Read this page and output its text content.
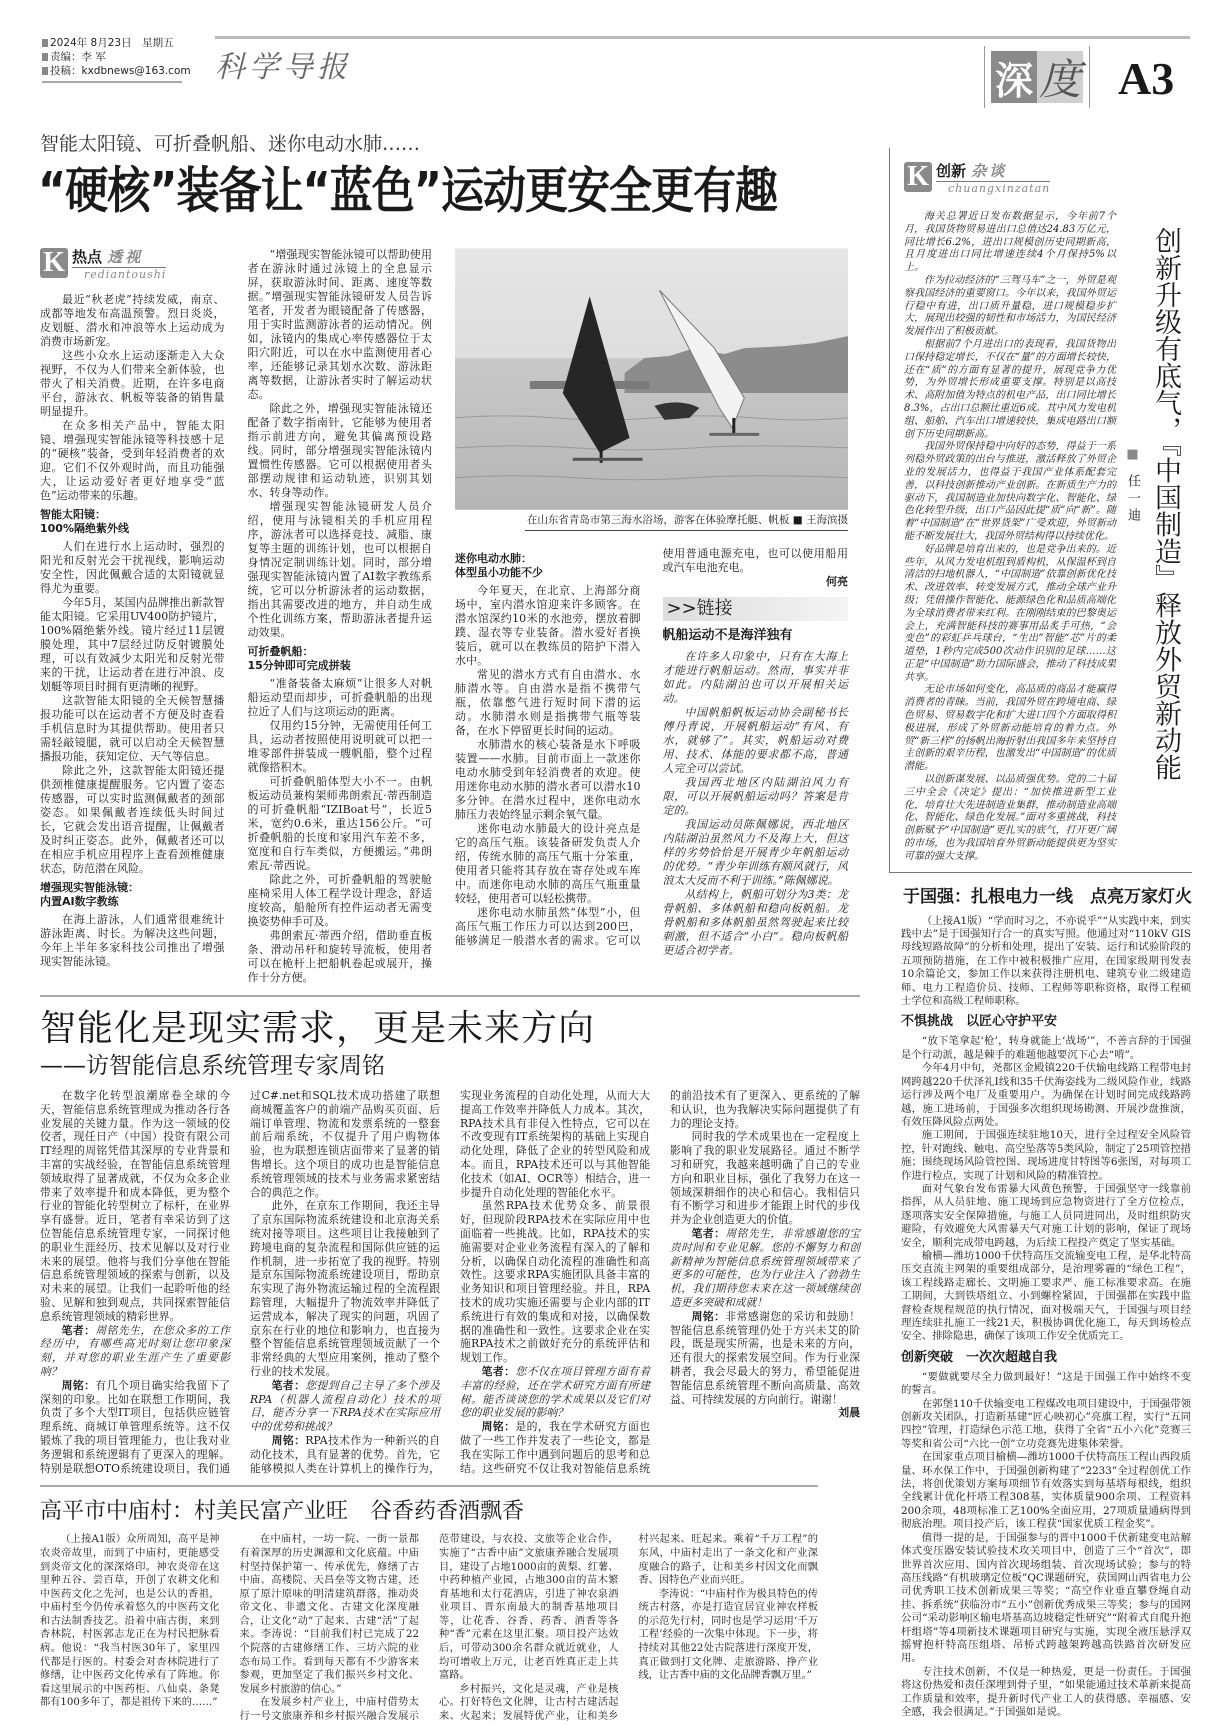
2024年 8月23日　星期五
责编：李 军
投稿：kxdbnews@163.com 科学导报	深 度 A3
智能太阳镜、可折叠帆船、迷你电动水肺……
“硬核”装备让“蓝色”运动更安全更有趣
K 热点 透视
rediantoushi

最近“秋老虎”持续发威，南京、成都等地发布高温预警。烈日炎炎，皮划艇、潜水和冲浪等水上运动成为消费市场新宠。

这些小众水上运动逐渐走入大众视野，不仅为人们带来全新体验，也带火了相关消费。近期，在许多电商平台，游泳衣、帆板等装备的销售量明显提升。

在众多相关产品中，智能太阳镜、增强现实智能泳镜等科技感十足的“硬核”装备，受到年轻消费者的欢迎。它们不仅外观时尚，而且功能强大，让运动爱好者更好地享受“蓝色”运动带来的乐趣。

智能太阳镜：
100%隔绝紫外线

人们在进行水上运动时，强烈的阳光和反射光会干扰视线，影响运动安全性，因此佩戴合适的太阳镜就显得尤为重要。

今年5月，某国内品牌推出新款智能太阳镜。它采用UV400防护镜片，100%隔绝紫外线。镜片经过11层镀膜处理，其中7层经过防反射镀膜处理，可以有效减少太阳光和反射光带来的干扰，让运动者在进行冲浪、皮划艇等项目时拥有更清晰的视野。

这款智能太阳镜的全天候智慧播报功能可以在运动者不方便及时查看手机信息时为其提供帮助。使用者只需轻敲镜腿，就可以启动全天候智慧播报功能，获知定位、天气等信息。

除此之外，这款智能太阳镜还提供颈椎健康提醒服务。它内置了姿态传感器，可以实时监测佩戴者的颈部姿态。如果佩戴者连续低头时间过长，它就会发出语音提醒，让佩戴者及时纠正姿态。此外，佩戴者还可以在相应手机应用程序上查看颈椎健康状态，防范潜在风险。

增强现实智能泳镜：
内置AI数字教练

在海上游泳，人们通常很难统计游泳距离、时长。为解决这些问题，今年上半年多家科技公司推出了增强现实智能泳镜。

“增强现实智能泳镜可以帮助使用者在游泳时通过泳镜上的全息显示屏，获取游泳时间、距离、速度等数据。”增强现实智能泳镜研发人员告诉笔者，开发者为眼镜配备了传感器，用于实时监测游泳者的运动情况。例如，泳镜内的集成心率传感器位于太阳穴附近，可以在水中监测使用者心率，还能够记录其划水次数、游泳距离等数据，让游泳者实时了解运动状态。

除此之外，增强现实智能泳镜还配备了数字指南针，它能够为使用者指示前进方向，避免其偏离预设路线。同时，部分增强现实智能泳镜内置惯性传感器。它可以根据使用者头部摆动规律和运动轨迹，识别其划水、转身等动作。

增强现实智能泳镜研发人员介绍，使用与泳镜相关的手机应用程序，游泳者可以选择竞技、减脂、康复等主题的训练计划，也可以根据自身情况定制训练计划。同时，部分增强现实智能泳镜内置了AI数字教练系统，它可以分析游泳者的运动数据，指出其需要改进的地方，并自动生成个性化训练方案，帮助游泳者提升运动效果。

可折叠帆船：
15分钟即可完成拼装

“准备装备太麻烦”让很多人对帆船运动望而却步，可折叠帆船的出现拉近了人们与这项运动的距离。

仅用约15分钟，无需使用任何工具，运动者按照使用说明就可以把一堆零部件拼装成一艘帆船，整个过程就像搭积木。

可折叠帆船体型大小不一。由帆板运动员兼构架师弗朗索瓦·蒂西制造的可折叠帆船“IZIBoat号”，长近5米，宽约0.6米，重达156公斤。“可折叠帆船的长度和家用汽车差不多，宽度和自行车类似，方便搬运。”弗朗索瓦·蒂西说。

除此之外，可折叠帆船的驾驶舱座椅采用人体工程学设计理念，舒适度较高，船舱所有控件运动者无需变换姿势伸手可及。

弗朗索瓦·蒂西介绍，借助垂直板条、滑动吊杆和旋转导流板，使用者可以在桅杆上把船帆卷起或展开，操作十分方便。

在山东省青岛市第三海水浴场，游客在体验摩托艇、帆板 ■ 王海滨摄
迷你电动水肺：
体型虽小功能不少

今年夏天，在北京、上海部分商场中，室内潜水馆迎来许多顾客。在潜水馆深约10米的水池旁，摆放着脚蹼、湿衣等专业装备。潜水爱好者换装后，就可以在教练员的陪护下潜入水中。

常见的潜水方式有自由潜水、水肺潜水等。自由潜水是指不携带气瓶，依靠憋气进行短时间下潜的运动。水肺潜水则是指携带气瓶等装备，在水下停留更长时间的运动。

水肺潜水的核心装备是水下呼吸装置——水肺。目前市面上一款迷你电动水肺受到年轻消费者的欢迎。使用迷你电动水肺的潜水者可以潜水10多分钟。在潜水过程中，迷你电动水肺压力表始终显示剩余氧气量。

迷你电动水肺最大的设计亮点是它的高压气瓶。该装备研发负责人介绍，传统水肺的高压气瓶十分笨重，使用者只能将其存放在寄存处或车库中。而迷你电动水肺的高压气瓶重量较轻，使用者可以轻松携带。

迷你电动水肺虽然“体型”小，但高压气瓶工作压力可以达到200巴，能够满足一般潜水者的需求。它可以使用普通电源充电，也可以使用船用或汽车电池充电。

何亮

>>链接
帆船运动不是海洋独有

在许多人印象中，只有在大海上才能进行帆船运动。然而，事实并非如此。内陆湖泊也可以开展相关运动。

中国帆船帆板运动协会副秘书长傅丹青说，开展帆船运动“有风、有水，就够了”。其实，帆船运动对费用、技术、体能的要求都不高，普通人完全可以尝试。

我国西北地区内陆湖泊风力有限，可以开展帆船运动吗？答案是肯定的。

我国运动员陈佩娜说，西北地区内陆湖泊虽然风力不及海上大，但这样的劣势恰恰是开展青少年帆船运动的优势。“青少年训练有顺风就行，风浪太大反而不利于训练。”陈佩娜说。

从结构上，帆船可划分为3类：龙骨帆船、多体帆船和稳向板帆船。龙骨帆船和多体帆船虽然驾驶起来比较刺激，但不适合“小白”。稳向板帆船更适合初学者。

智能化是现实需求，更是未来方向
——访智能信息系统管理专家周铭

在数字化转型浪潮席卷全球的今天，智能信息系统管理成为推动各行各业发展的关键力量。作为这一领域的佼佼者，现任日产（中国）投资有限公司IT经理的周铭凭借其深厚的专业背景和丰富的实战经验，在智能信息系统管理领域取得了显著成就，不仅为众多企业带来了效率提升和成本降低，更为整个行业的智能化转型树立了标杆，在业界享有盛誉。近日，笔者有幸采访到了这位智能信息系统管理专家，一同探讨他的职业生涯经历、技术见解以及对行业未来的展望。他将与我们分享他在智能信息系统管理领域的探索与创新，以及对未来的展望。让我们一起聆听他的经验、见解和独到观点，共同探索智能信息系统管理领域的精彩世界。

笔者：周铭先生，在您众多的工作经历中，有哪些高光时刻让您印象深刻，并对您的职业生涯产生了重要影响？

周铭：有几个项目确实给我留下了深刻的印象。比如在联想工作期间，我负责了多个大型IT项目，包括供应链管理系统、商城订单管理系统等。这不仅锻炼了我的项目管理能力，也让我对业务逻辑和系统逻辑有了更深入的理解。特别是联想OTO系统建设项目，我们通过C#.net和SQL技术成功搭建了联想商城覆盖客户的前端产品购买页面、后端订单管理、物流和发票系统的一整套前后端系统，不仅提升了用户购物体验，也为联想连锁店面带来了显著的销售增长。这个项目的成功也是智能信息系统管理领域的技术与业务需求紧密结合的典范之作。

此外，在京东工作期间，我还主导了京东国际物流系统建设和北京海关系统对接等项目。这些项目让我接触到了跨境电商的复杂流程和国际供应链的运作机制，进一步拓宽了我的视野。特别是京东国际物流系统建设项目，帮助京东实现了海外物流运输过程的全流程跟踪管理，大幅提升了物流效率并降低了运营成本，解决了现实的问题，巩固了京东在行业的地位和影响力，也直接为整个智能信息系统管理领域贡献了一个非常经典的大型应用案例，推动了整个行业的技术发展。

笔者：您提到自己主导了多个涉及RPA（机器人流程自动化）技术的项目，能否分享一下RPA技术在实际应用中的优势和挑战？

周铭：RPA技术作为一种新兴的自动化技术，具有显著的优势。首先，它能够模拟人类在计算机上的操作行为，实现业务流程的自动化处理，从而大大提高工作效率并降低人力成本。其次，RPA技术具有非侵入性特点，它可以在不改变现有IT系统架构的基础上实现自动化处理，降低了企业的转型风险和成本。而且，RPA技术还可以与其他智能化技术（如AI、OCR等）相结合，进一步提升自动化处理的智能化水平。

虽然RPA技术优势众多、前景很好，但现阶段RPA技术在实际应用中也面临着一些挑战。比如，RPA技术的实施需要对企业业务流程有深入的了解和分析，以确保自动化流程的准确性和高效性。这要求RPA实施团队具备丰富的业务知识和项目管理经验。并且，RPA技术的成功实施还需要与企业内部的IT系统进行有效的集成和对接，以确保数据的准确性和一致性。这要求企业在实施RPA技术之前做好充分的系统评估和规划工作。

笔者：您不仅在项目管理方面有着丰富的经验，还在学术研究方面有所建树。能否谈谈您的学术成果以及它们对您的职业发展的影响？

周铭：是的，我在学术研究方面也做了一些工作并发表了一些论文，都是我在实际工作中遇到问题后的思考和总结。这些研究不仅让我对智能信息系统的前沿技术有了更深入、更系统的了解和认识，也为我解决实际问题提供了有力的理论支持。

同时我的学术成果也在一定程度上影响了我的职业发展路径。通过不断学习和研究，我越来越明确了自己的专业方向和职业目标，强化了我努力在这一领域深耕细作的决心和信心。我相信只有不断学习和进步才能跟上时代的步伐并为企业创造更大的价值。

笔者：周铭先生，非常感谢您的宝贵时间和专业见解。您的不懈努力和创新精神为智能信息系统管理领域带来了更多的可能性，也为行业注入了勃勃生机，我们期待您未来在这一领域继续创造更多突破和成就！

周铭：非常感谢您的采访和鼓励！智能信息系统管理仍处于方兴未艾的阶段，既是现实所需，也是未来的方向，还有很大的探索发展空间。作为行业深耕者，我会尽最大的努力，希望能促进智能信息系统管理不断向高质量、高效益、可持续发展的方向前行。谢谢！

刘晨

高平市中庙村：村美民富产业旺　谷香药香酒飘香

（上接A1版）众所周知，高平是神农炎帝故里，而到了中庙村，更能感受到炎帝文化的深深烙印。神农炎帝在这里种五谷、尝百草，开创了农耕文化和中医药文化之先河，也是公认的香祖，中庙村至今仍传承着悠久的中医药文化和古法制香技艺。沿着中庙古街，来到杏林院，村医郭志龙正在为村民把脉看病。他说：“我当村医30年了，家里四代都是行医的。村委会对杏林院进行了修缮，让中医药文化传承有了阵地。你看这里展示的中医药柜、八仙桌、条凳都有100多年了，都是祖传下来的……”

在中庙村，一坊一院、一街一景都有着深厚的历史渊源和文化底蕴。中庙村坚持保护第一、传承优先，修缮了古中庙、高楼院、天昌垒等文物古建，还原了原汁原味的明清建筑群落，推动炎帝文化、非遗文化、古建文化深度融合，让文化“动”了起来、古建“活”了起来。李涛说：“目前我们村已完成了22个院落的古建修缮工作、三坊六院的业态布局工作。看到每天都有不少游客来参观，更加坚定了我们振兴乡村文化、发展乡村旅游的信心。”

在发展乡村产业上，中庙村借势太行一号文旅康养和乡村振兴融合发展示范带建设，与农投、文旅等企业合作，实施了“古香中庙”文旅康养融合发展项目，建设了占地1000亩的黄梨、红薯、中药种植产业园，占地300亩的苗木繁育基地和太行花酒店，引进了神农泉酒业项目、晋东南最大的制香基地项目等，让花香、谷香、药香、酒香等各种“香”元素在这里汇聚。项目投产达效后，可带动300余名群众就近就业，人均可增收上万元，让老百姓真正走上共富路。

乡村振兴，文化是灵魂，产业是核心。打好特色文化牌，让古村古建活起来、火起来；发展特优产业，让和美乡村兴起来、旺起来。乘着“千万工程”的东风，中庙村走出了一条文化和产业深度融合的路子，让和美乡村因文化而飘香、因特色产业而兴旺。

李涛说：“中庙村作为极具特色的传统古村落，亦是打造宜居宜业神农样板的示范先行村，同时也是学习运用‘千万工程’经验的一次集中体现。下一步，将持续对其他22处古院落进行深度开发，真正做到打文化牌、走旅游路、挣产业线，让古香中庙的文化品牌香飘万里。”

K 创新 杂谈
chuangxinzatan

海关总署近日发布数据显示，今年前7个月，我国货物贸易进出口总值达24.83万亿元，同比增长6.2%，进出口规模创历史同期新高，且月度进出口同比增速连续4个月保持5%以上。

作为拉动经济的“三驾马车”之一，外贸是观察我国经济的重要窗口。今年以来，我国外贸运行稳中有进，出口质升量稳，进口规模稳步扩大，展现出较强的韧性和市场活力，为国民经济发展作出了积极贡献。

根据前7个月进出口的表现看，我国货物出口保持稳定增长，不仅在“量”的方面增长较快，还在“质”的方面有显著的提升，展现竞争力优势，为外贸增长形成重要支撑。特别是以高技术、高附加值为特点的机电产品，出口同比增长8.3%，占出口总额比重近6成。其中风力发电机组、船舶、汽车出口增速较快，集成电路出口额创下历史同期新高。

我国外贸保持稳中向好的态势，得益于一系列稳外贸政策的出台与推进，激活释放了外贸企业的发展活力，也得益于我国产业体系配套完善，以科技创新推动产业创新。在新质生产力的驱动下，我国制造业加快向数字化、智能化、绿色化转型升级，出口产品因此提“质”向“新”。随着“中国制造”在“世界货架”广受欢迎，外贸新动能不断发展壮大，我国外贸结构得以持续优化。

好品牌是培育出来的，也是竞争出来的。近些年，从风力发电机组到盾构机，从保温杯到自清洁的扫地机器人，“中国制造”依靠创新优化技术、改进效率、转变发展方式，推动全球产业升级；凭借操作智能化、能源绿色化和品质高端化为全球消费者带来红利。在刚刚结束的巴黎奥运会上，充满智能科技的赛事用品炙手可热，“会变色”的彩虹乒乓球台，“生出”智能“芯”片的柔道垫，1秒内完成500次动作识别的足球……这正是“中国制造”助力国际盛会，推动了科技成果共享。

无论市场如何变化，高品质的商品才能赢得消费者的青睐。当前，我国外贸在跨境电商、绿色贸易、贸易数字化和扩大进口四个方面取得积极进展，形成了外贸新动能培育的着力点。外贸“新三样”的扬帆出海折射出我国多年来坚持自主创新的艰辛历程，也激发出“中国制造”的优质潜能。

以创新谋发展、以品质强优势。党的二十届三中全会《决定》提出：“加快推进新型工业化，培育壮大先进制造业集群，推动制造业高端化、智能化、绿色化发展。”面对多重挑战，科技创新赋予“中国制造”更扎实的底气，打开更广阔的市场，也为我国培育外贸新动能提供更为坚实可靠的强大支撑。

■ 任一迪 创新升级有底气，『中国制造』释放外贸新动能
于国强：扎根电力一线　点亮万家灯火

（上接A1版）“学而时习之，不亦说乎”“从实践中来，到实践中去”是于国强知行合一的真实写照。他通过对“110kV GIS母线短路故障”的分析和处理，提出了安装、运行和试验阶段的五项预防措施，在工作中被积极推广应用，在国家级期刊发表10余篇论文，参加工作以来获得注册机电、建筑专业二级建造师、电力工程造价员、技师、工程师等职称资格，取得工程硕士学位和高级工程师职称。

不惧挑战　以匠心守护平安

“放下笔拿起‘枪’，转身就能上‘战场’”，不善言辞的于国强是个行动派，越是棘手的难题他越要沉下心去“啃”。

今年4月中旬，尧都区金殿镇220千伏输电线路工程带电封网跨越220千伏泽礼Ⅰ线和35千伏海姿线为二级风险作业，线路运行涉及两个电厂及重要用户。为确保在计划时间完成线路跨越，施工进场前，于国强多次组织现场勘测、开展沙盘推演，有效压降风险点两处。

施工期间，于国强连续驻地10天，进行全过程安全风险管控，针对跑线、触电、高空坠落等5类风险，制定了25项管控措施；围绕现场风险管控图、现场进度甘特图等6张图，对每项工作进行检点，实现了计划和风险的精准管控。

面对气象台发布雷暴大风黄色预警，于国强坚守一线靠前指挥，从人员驻地、施工现场到应急物资进行了全方位检点，逐项落实安全保障措施，与施工人员同进同出，及时组织防灾避险，有效避免大风雷暴天气对施工计划的影响，保证了现场安全，顺利完成带电跨越，为后续工程投产奠定了坚实基础。

榆横—潍坊1000千伏特高压交流输变电工程，是华北特高压交直流主网架的重要组成部分，是治理雾霾的“绿色工程”，该工程线路走廊长、文明施工要求严、施工标准要求高。在施工期间，大到铁塔组立、小到螺栓紧固，于国强都在实践中监督检查规程规范的执行情况，面对极端天气，于国强与项目经理连续驻扎施工一线21天，积极协调优化施工，每天到场检点安全、排除隐患，确保了该项工作安全优质完工。

创新突破　一次次超越自我

“要做就要尽全力做到最好！”这是于国强工作中始终不变的誓言。

在郭堡110千伏输变电工程煤改电项目建设中，于国强带领创新攻关团队，打造新基建“匠心映初心”亮旗工程，实行“五同四控”管理，打造绿色示范工地，获得了全省“五小六化”竞赛三等奖和省公司“六比一创”立功竞赛先进集体荣誉。

在国家重点项目榆横—潍坊1000千伏特高压工程山西段质量、环水保工作中，于国强创新构建了“2233”全过程创优工作法，将创优策划方案每项细节有效落实到每基塔每根线，组织全线累计优化杆塔工程308基，实体质量900余项、工程资料200余项，48项标准工艺100%全面应用，27项质量通病得到彻底治理。项目投产后，该工程获“国家优质工程金奖”。

值得一提的是，于国强参与的晋中1000千伏新建变电站解体式变压器安装试验技术攻关项目中，创造了三个“首次”，即世界首次应用、国内首次现场组装、首次现场试验；参与的特高压线路“有机玻璃定位板”QC课题研究，获国网山西省电力公司优秀职工技术创新成果三等奖；“高空作业垂直攀登绳自动挂、拆系统”获临汾市“五小”创新优秀成果三等奖；参与的国网公司“采动影响区输电塔基高边坡稳定性研究”“附着式自爬升抱杆组塔”等4项新技术课题项目研究与实施，实现全液压悬浮双摇臂抱杆特高压组塔、吊桥式跨越架跨越高铁路首次研发应用。

专注技术创新，不仅是一种热爱，更是一份责任。于国强将这份热爱和责任深埋到骨子里，“如果能通过技术革新来提高工作质量和效率，提升新时代产业工人的获得感、幸福感、安全感，我会很满足。”于国强如是说。
